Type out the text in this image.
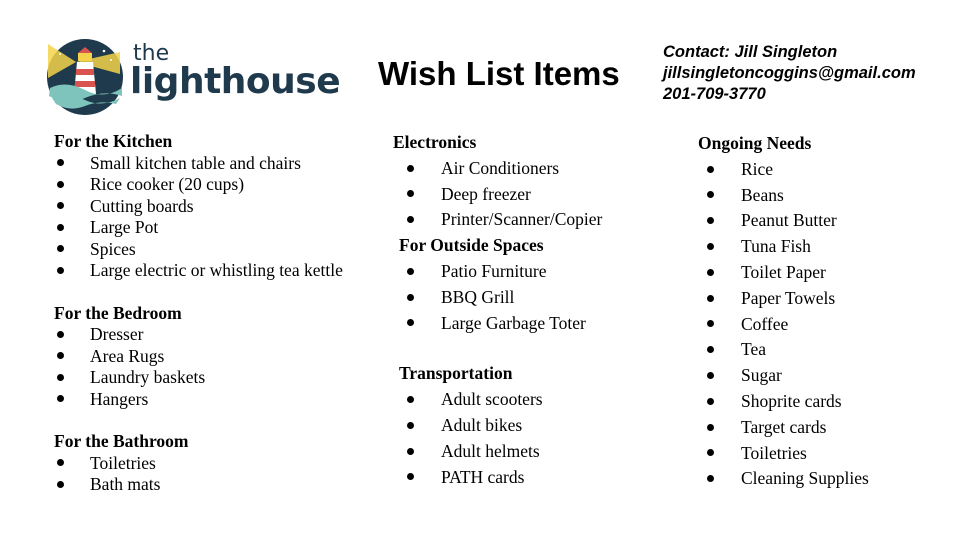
the
lighthouse Wish List Items
Contact: Jill Singleton
jillsingletoncoggins@gmail.com
201-709-3770
For the Kitchen
Small kitchen table and chairs
Rice cooker (20 cups)
Cutting boards
Large Pot
Spices
Large electric or whistling tea kettle
For the Bedroom
Dresser
Area Rugs
Laundry baskets
Hangers
For the Bathroom
Toiletries
Bath mats
Electronics
Air Conditioners
Deep freezer
Printer/Scanner/Copier
For Outside Spaces
Patio Furniture
BBQ Grill
Large Garbage Toter
Transportation
Adult scooters
Adult bikes
Adult helmets
PATH cards
Ongoing Needs
Rice
Beans
Peanut Butter
Tuna Fish
Toilet Paper
Paper Towels
Coffee
Tea
Sugar
Shoprite cards
Target cards
Toiletries
Cleaning Supplies
